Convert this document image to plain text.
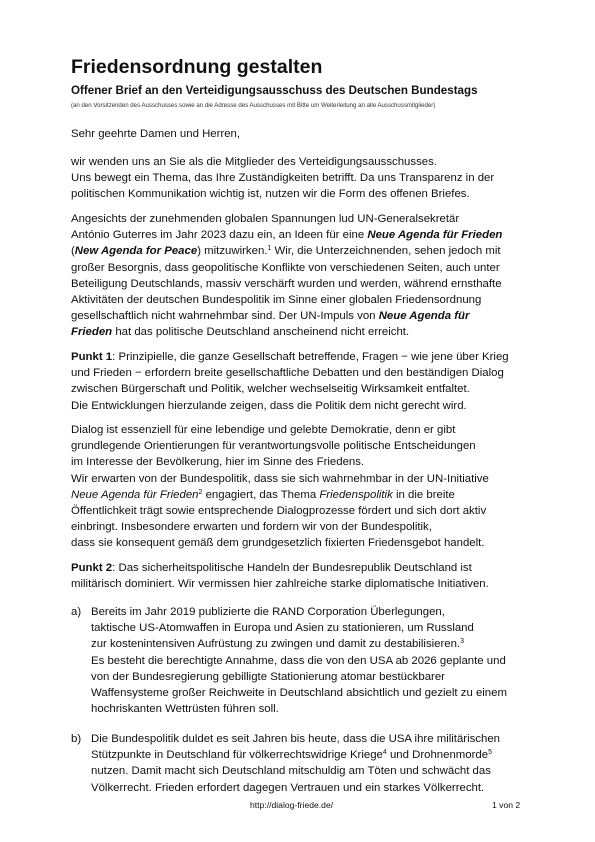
Friedensordnung gestalten
Offener Brief an den Verteidigungsausschuss des Deutschen Bundestags
(an den Vorsitzenden des Ausschusses sowie an die Adresse des Ausschusses mit Bitte um Weiterleitung an alle Ausschussmitglieder)
Sehr geehrte Damen und Herren,
wir wenden uns an Sie als die Mitglieder des Verteidigungsausschusses.
Uns bewegt ein Thema, das Ihre Zuständigkeiten betrifft. Da uns Transparenz in der
politischen Kommunikation wichtig ist, nutzen wir die Form des offenen Briefes.
Angesichts der zunehmenden globalen Spannungen lud UN-Generalsekretär
António Guterres im Jahr 2023 dazu ein, an Ideen für eine Neue Agenda für Frieden
(New Agenda for Peace) mitzuwirken.$^1$ Wir, die Unterzeichnenden, sehen jedoch mit
großer Besorgnis, dass geopolitische Konflikte von verschiedenen Seiten, auch unter
Beteiligung Deutschlands, massiv verschärft wurden und werden, während ernsthafte
Aktivitäten der deutschen Bundespolitik im Sinne einer globalen Friedensordnung
gesellschaftlich nicht wahrnehmbar sind. Der UN-Impuls von Neue Agenda für
Frieden hat das politische Deutschland anscheinend nicht erreicht.
Punkt 1: Prinzipielle, die ganze Gesellschaft betreffende, Fragen − wie jene über Krieg
und Frieden − erfordern breite gesellschaftliche Debatten und den beständigen Dialog
zwischen Bürgerschaft und Politik, welcher wechselseitig Wirksamkeit entfaltet.
Die Entwicklungen hierzulande zeigen, dass die Politik dem nicht gerecht wird.
Dialog ist essenziell für eine lebendige und gelebte Demokratie, denn er gibt
grundlegende Orientierungen für verantwortungsvolle politische Entscheidungen
im Interesse der Bevölkerung, hier im Sinne des Friedens.
Wir erwarten von der Bundespolitik, dass sie sich wahrnehmbar in der UN-Initiative
Neue Agenda für Frieden$^2$ engagiert, das Thema Friedenspolitik in die breite
Öffentlichkeit trägt sowie entsprechende Dialogprozesse fördert und sich dort aktiv
einbringt. Insbesondere erwarten und fordern wir von der Bundespolitik,
dass sie konsequent gemäß dem grundgesetzlich fixierten Friedensgebot handelt.
Punkt 2: Das sicherheitspolitische Handeln der Bundesrepublik Deutschland ist
militärisch dominiert. Wir vermissen hier zahlreiche starke diplomatische Initiativen.
a) Bereits im Jahr 2019 publizierte die RAND Corporation Überlegungen,
taktische US-Atomwaffen in Europa und Asien zu stationieren, um Russland
zur kostenintensiven Aufrüstung zu zwingen und damit zu destabilisieren.$^3$
Es besteht die berechtigte Annahme, dass die von den USA ab 2026 geplante und
von der Bundesregierung gebilligte Stationierung atomar bestückbarer
Waffensysteme großer Reichweite in Deutschland absichtlich und gezielt zu einem
hochriskanten Wettrüsten führen soll.
b) Die Bundespolitik duldet es seit Jahren bis heute, dass die USA ihre militärischen
Stützpunkte in Deutschland für völkerrechtswidrige Kriege$^4$ und Drohnenmorde$^5$
nutzen. Damit macht sich Deutschland mitschuldig am Töten und schwächt das
Völkerrecht. Frieden erfordert dagegen Vertrauen und ein starkes Völkerrecht.
http://dialog-friede.de/	1 von 2
